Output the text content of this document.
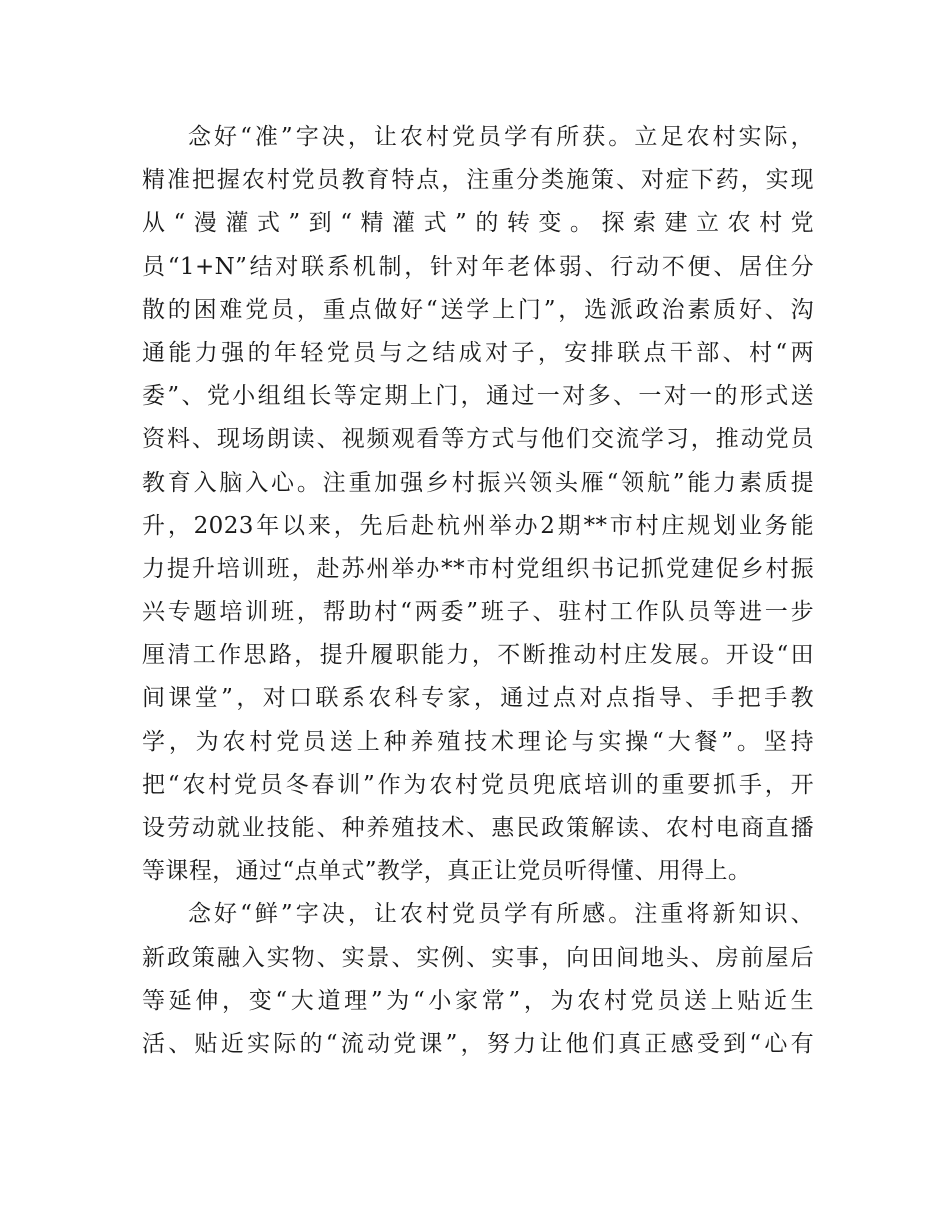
念好“准”字决，让农村党员学有所获。立足农村实际，
精准把握农村党员教育特点，注重分类施策、对症下药，实现
从“漫灌式”到“精灌式”的转变。探索建立农村党
员“1+N”结对联系机制，针对年老体弱、行动不便、居住分
散的困难党员，重点做好“送学上门”，选派政治素质好、沟
通能力强的年轻党员与之结成对子，安排联点干部、村“两
委”、党小组组长等定期上门，通过一对多、一对一的形式送
资料、现场朗读、视频观看等方式与他们交流学习，推动党员
教育入脑入心。注重加强乡村振兴领头雁“领航”能力素质提
升，2023年以来，先后赴杭州举办2期**市村庄规划业务能
力提升培训班，赴苏州举办**市村党组织书记抓党建促乡村振
兴专题培训班，帮助村“两委”班子、驻村工作队员等进一步
厘清工作思路，提升履职能力，不断推动村庄发展。开设“田
间课堂”，对口联系农科专家，通过点对点指导、手把手教
学，为农村党员送上种养殖技术理论与实操“大餐”。坚持
把“农村党员冬春训”作为农村党员兜底培训的重要抓手，开
设劳动就业技能、种养殖技术、惠民政策解读、农村电商直播
等课程，通过“点单式”教学，真正让党员听得懂、用得上。
念好“鲜”字决，让农村党员学有所感。注重将新知识、
新政策融入实物、实景、实例、实事，向田间地头、房前屋后
等延伸，变“大道理”为“小家常”，为农村党员送上贴近生
活、贴近实际的“流动党课”，努力让他们真正感受到“心有
